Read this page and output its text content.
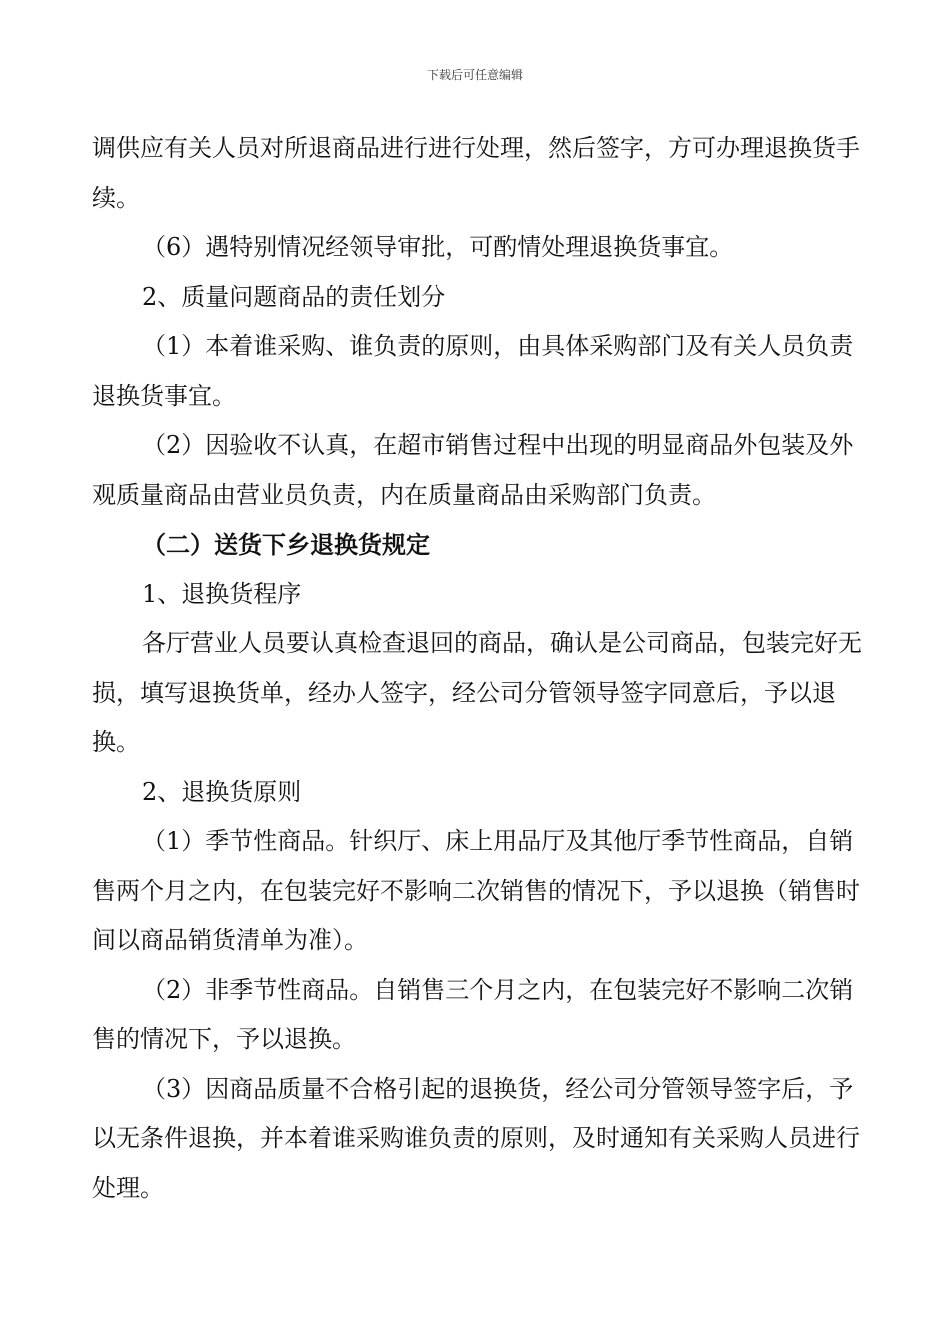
下载后可任意编辑

调供应有关人员对所退商品进行进行处理，然后签字，方可办理退换货手续。

（6）遇特别情况经领导审批，可酌情处理退换货事宜。

2、质量问题商品的责任划分

（1）本着谁采购、谁负责的原则，由具体采购部门及有关人员负责退换货事宜。

（2）因验收不认真，在超市销售过程中出现的明显商品外包装及外观质量商品由营业员负责，内在质量商品由采购部门负责。

（二）送货下乡退换货规定

1、退换货程序

各厅营业人员要认真检查退回的商品，确认是公司商品，包装完好无损，填写退换货单，经办人签字，经公司分管领导签字同意后，予以退换。

2、退换货原则

（1）季节性商品。针织厅、床上用品厅及其他厅季节性商品，自销售两个月之内，在包装完好不影响二次销售的情况下，予以退换（销售时间以商品销货清单为准）。

（2）非季节性商品。自销售三个月之内，在包装完好不影响二次销售的情况下，予以退换。

（3）因商品质量不合格引起的退换货，经公司分管领导签字后，予以无条件退换，并本着谁采购谁负责的原则，及时通知有关采购人员进行处理。
